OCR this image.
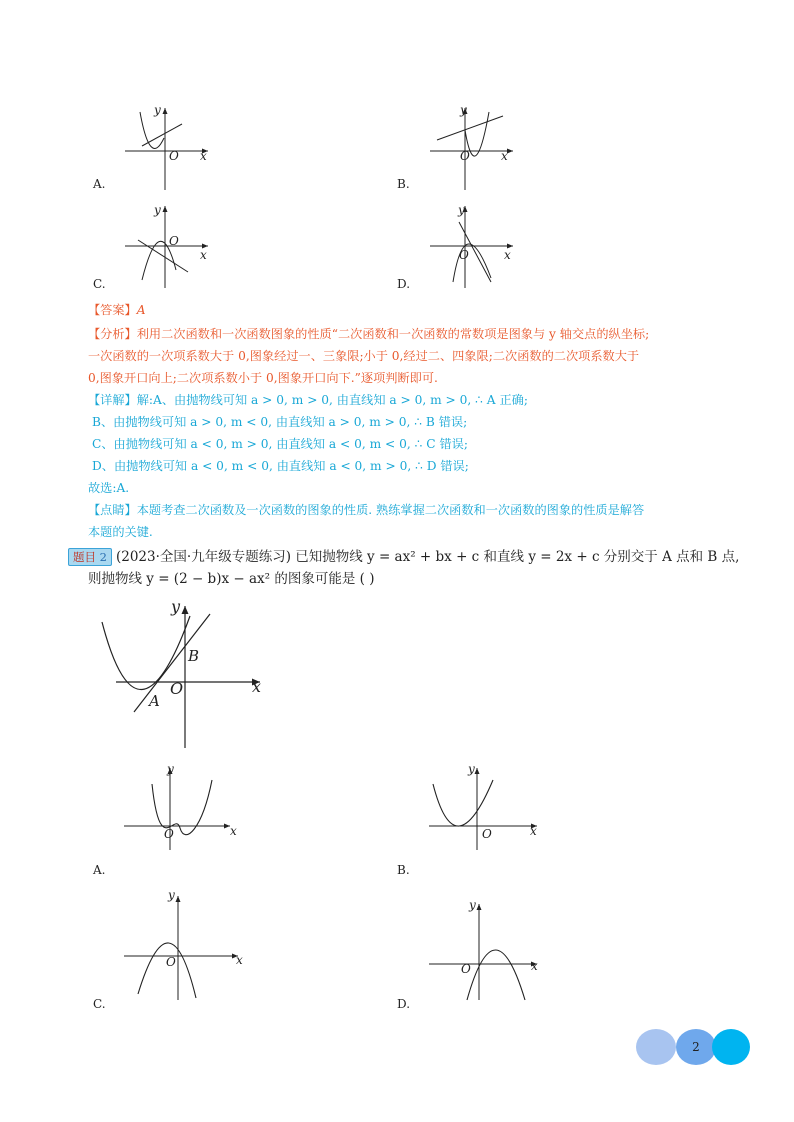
y
O x
A.
y
O	x
B.
y
O
x
C.
y
O	x
D.
【答案】A
【分析】利用二次函数和一次函数图象的性质“二次函数和一次函数的常数项是图象与 y 轴交点的纵坐标;
一次函数的一次项系数大于 0,图象经过一、三象限;小于 0,经过二、四象限;二次函数的二次项系数大于
0,图象开口向上;二次项系数小于 0,图象开口向下.”逐项判断即可.
【详解】解:A、由抛物线可知 a > 0, m > 0, 由直线知 a > 0, m > 0, ∴ A 正确;
B、由抛物线可知 a > 0, m < 0, 由直线知 a > 0, m > 0, ∴ B 错误;
C、由抛物线可知 a < 0, m > 0, 由直线知 a < 0, m < 0, ∴ C 错误;
D、由抛物线可知 a < 0, m < 0, 由直线知 a < 0, m > 0, ∴ D 错误;
故选:A.
【点睛】本题考查二次函数及一次函数的图象的性质. 熟练掌握二次函数和一次函数的图象的性质是解答
本题的关键.
题目 2 (2023·全国·九年级专题练习) 已知抛物线 y = ax² + bx + c 和直线 y = 2x + c 分别交于 A 点和 B 点,
则抛物线 y = (2 − b)x − ax² 的图象可能是 ( )
y
B
O	x
A
y
O	x
A.
y
O	x
B.
y
O	x
C.
y
O	x
D.
2
